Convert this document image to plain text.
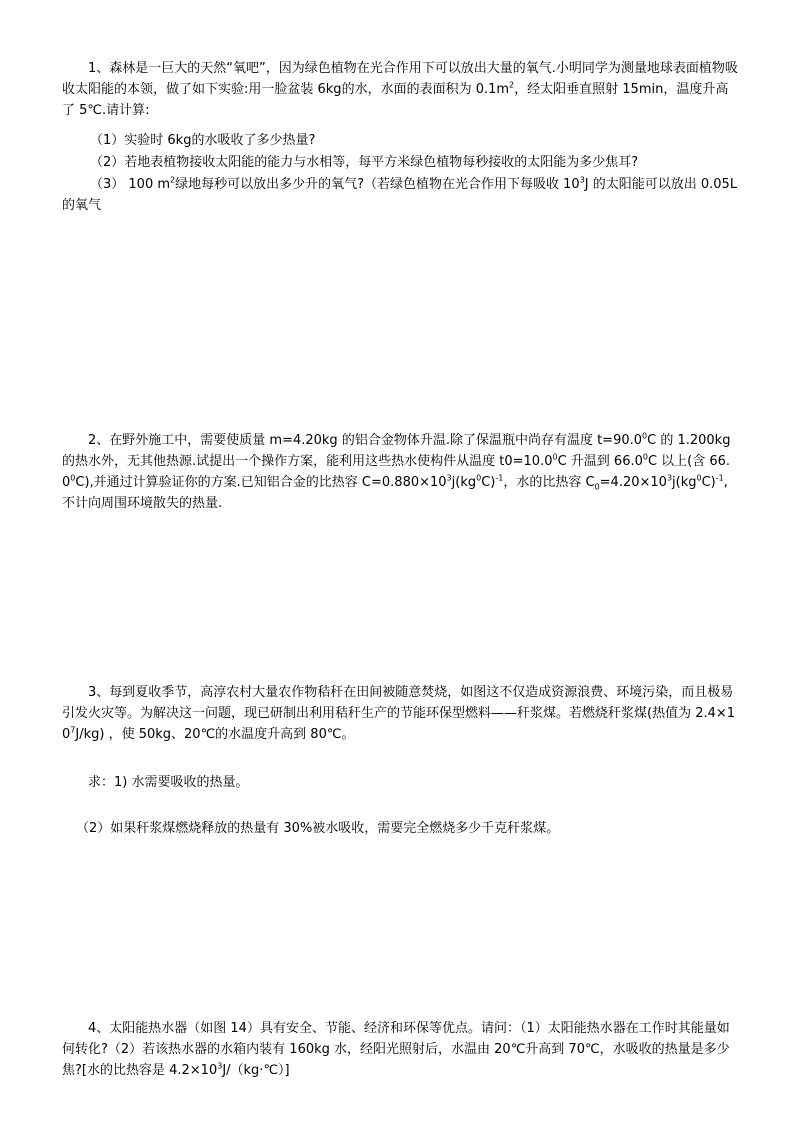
1、森林是一巨大的天然“氧吧”，因为绿色植物在光合作用下可以放出大量的氧气.小明同学为测量地球表面植物吸收太阳能的本领，做了如下实验:用一脸盆装 6kg的水，水面的表面积为 $0.1m^2$，经太阳垂直照射 15min，温度升高了 5℃.请计算:

（1）实验时 6kg的水吸收了多少热量?

（2）若地表植物接收太阳能的能力与水相等，每平方米绿色植物每秒接收的太阳能为多少焦耳?

（3） 100 $m^2$绿地每秒可以放出多少升的氧气?（若绿色植物在光合作用下每吸收 $10^3J$ 的太阳能可以放出 0.05L 的氧气

2、在野外施工中，需要使质量 m=4.20kg 的铝合金物体升温.除了保温瓶中尚存有温度 $t=90.0^0C$ 的 1.200kg 的热水外，无其他热源.试提出一个操作方案，能利用这些热水使构件从温度 $t0=10.0^0C$ 升温到 66.0$^0$C 以上(含 66.0$^0$C),并通过计算验证你的方案.已知铝合金的比热容 $C=0.880\times 10^3j(kg^0C)^{-1}$，水的比热容 $C_0=4.20\times 10^3j(kg^0C)^{-1}$,不计向周围环境散失的热量.

3、每到夏收季节，高淳农村大量农作物秸秆在田间被随意焚烧，如图这不仅造成资源浪费、环境污染，而且极易引发火灾等。为解决这一问题，现已研制出利用秸秆生产的节能环保型燃料——秆浆煤。若燃烧秆浆煤(热值为 $2.4\times 10^7J/kg$) ，使 50kg、20℃的水温度升高到 80℃。

求：1) 水需要吸收的热量。

（2）如果秆浆煤燃烧释放的热量有 30%被水吸收，需要完全燃烧多少千克秆浆煤。

4、太阳能热水器（如图 14）具有安全、节能、经济和环保等优点。请问：（1）太阳能热水器在工作时其能量如何转化?（2）若该热水器的水箱内装有 160kg 水，经阳光照射后，水温由 20℃升高到 70℃，水吸收的热量是多少焦?[水的比热容是 $4.2\times 10^3J/(kg\cdot℃)$]
